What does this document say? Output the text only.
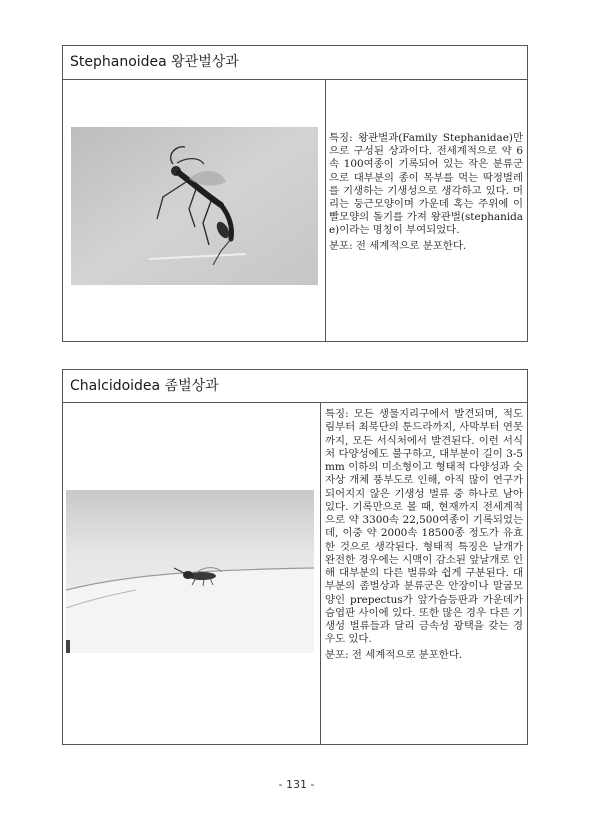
Stephanoidea 왕관벌상과

특징: 왕관벌과(Family Stephanidae)만으로 구성된 상과이다. 전세계적으로 약 6속 100여종이 기록되어 있는 작은 분류군으로 대부분의 종이 목부를 먹는 딱정벌레를 기생하는 기생성으로 생각하고 있다. 머리는 둥근모양이며 가운데 혹는 주위에 이빨모양의 돌기를 가져 왕관벌(stephanidae)이라는 명칭이 부여되었다.

분포: 전 세계적으로 분포한다.

Chalcidoidea 좀벌상과

특징: 모든 생물지리구에서 발견되며, 적도림부터 최북단의 툰드라까지, 사막부터 연못까지, 모든 서식처에서 발견된다. 이런 서식처 다양성에도 불구하고, 대부분이 길이 3-5mm 이하의 미소형이고 형태적 다양성과 숫자상 개체 풍부도로 인해, 아직 많이 연구가 되어지지 않은 기생성 벌류 중 하나로 남아있다. 기록만으로 볼 때, 현재까지 전세계적으로 약 3300속 22,500여종이 기록되었는데, 이중 약 2000속 18500종 정도가 유효한 것으로 생각된다. 형태적 특징은 날개가 완전한 경우에는 시맥이 감소된 앞날개로 인해 대부분의 다른 벌류와 쉽게 구분된다. 대부분의 좀벌상과 분류군은 안장이나 말굽모양인 prepectus가 앞가슴등판과 가운데가슴엽판 사이에 있다. 또한 많은 경우 다른 기생성 벌류들과 달리 금속성 광택을 갖는 경우도 있다.

분포: 전 세계적으로 분포한다.

- 131 -
